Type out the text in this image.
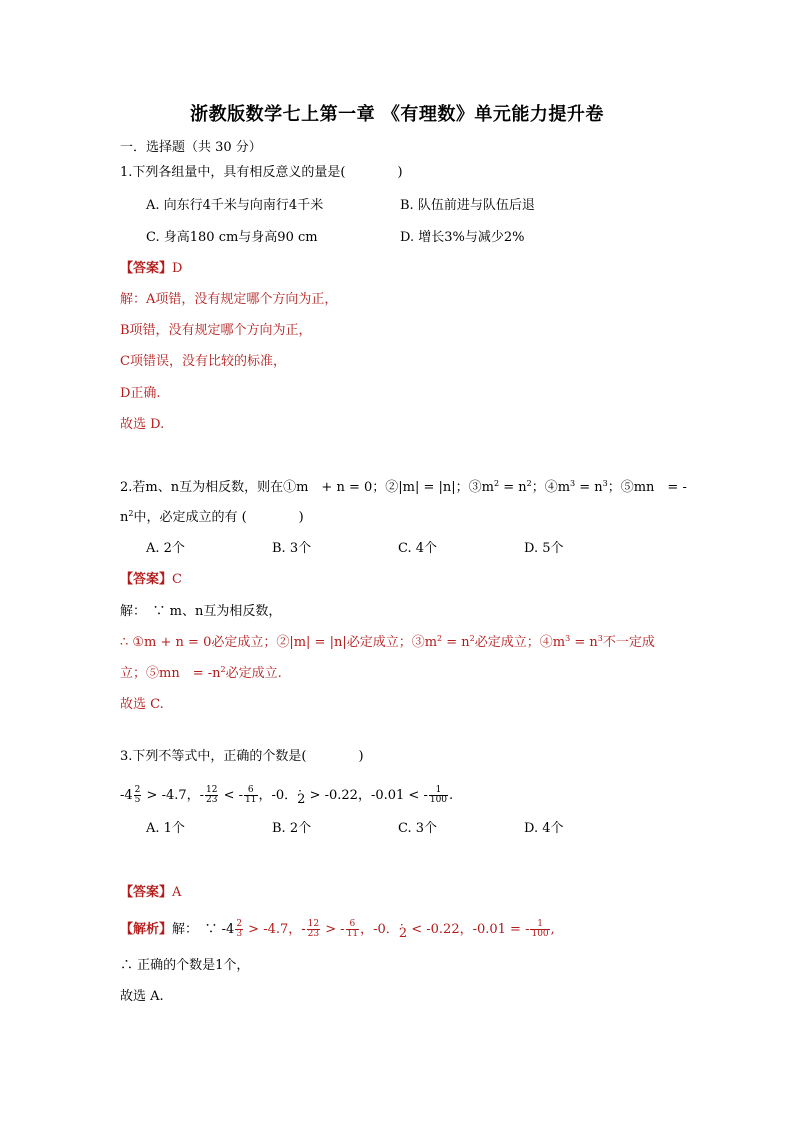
浙教版数学七上第一章 《有理数》单元能力提升卷
一．选择题（共 30 分）
1.下列各组量中，具有相反意义的量是(　　　　)
A. 向东行4千米与向南行4千米	B. 队伍前进与队伍后退
C. 身高180 cm与身高90 cm	D. 增长3%与减少2%
【答案】D
解：A项错，没有规定哪个方向为正，
B项错，没有规定哪个方向为正，
C项错误，没有比较的标准，
D正确.
故选 D.
2.若m、n互为相反数，则在①m　+ n = 0；②|m| = |n|；$③m^2 = n^2$；$④m^3 = n^3$；⑤mn　= -
$n^2$中，必定成立的有 (　　　　)
A. 2个	B. 3个	C. 4个	D. 5个
【答案】C
解：　∵ m、n互为相反数，
∴ ①m + n = 0必定成立；②|m| = |n|必定成立；$③m^2 = n^2$必定成立；$④m^3 = n^3$不一定成
立；⑤mn　= $-n^2$必定成立.
故选 C.
3.下列不等式中，正确的个数是(　　　　)
$-4 \frac{2}{5} > -4.7$，- $\frac{12}{23}$ < - $\frac{6}{11}$ ，-0．· 2 > -0.22，-0.01 < - $\frac{1}{100}$ .
A. 1个	B. 2个	C. 3个	D. 4个
【答案】A
【解析】解：　∵ $-4 \frac{2}{3} > -4.7$，- $\frac{12}{23}$ > - $\frac{6}{11}$ ，-0．· 2 < -0.22，-0.01 = - $\frac{1}{100}$ ,
∴ 正确的个数是1个，
故选 A.
